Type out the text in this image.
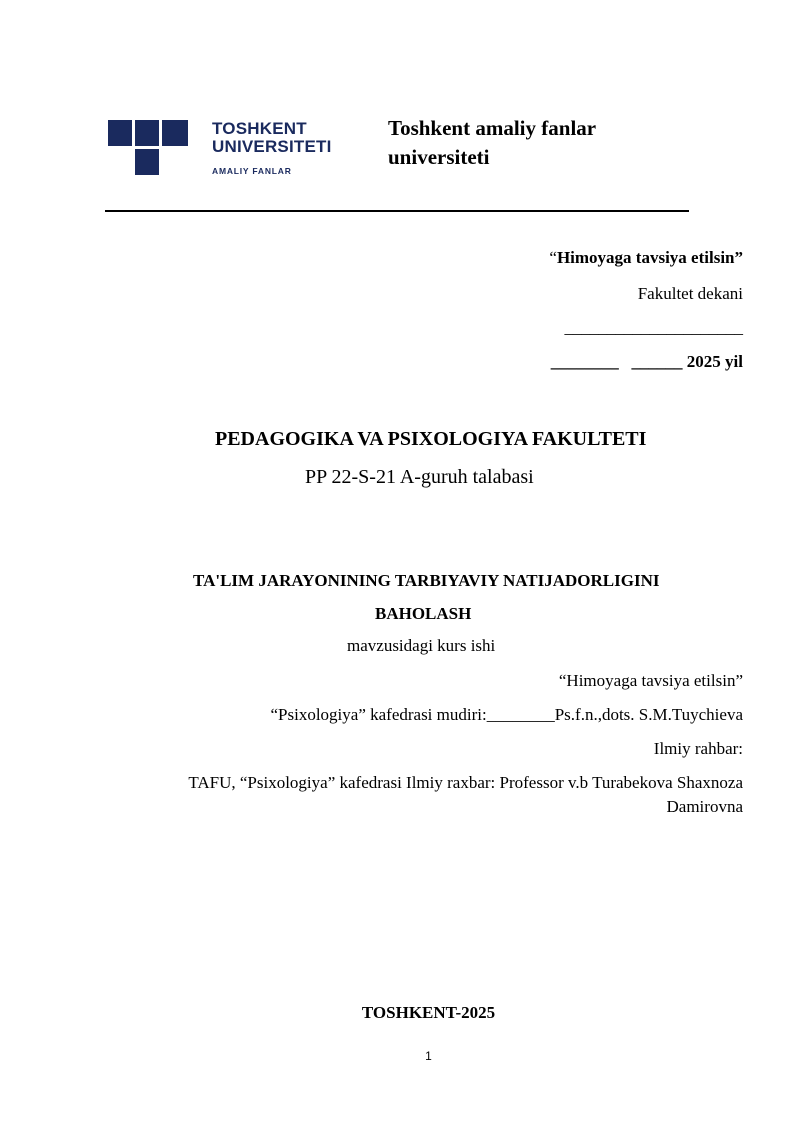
TOSHKENT
UNIVERSITETI
AMALIY FANLAR
Toshkent amaliy fanlar
universiteti
“Himoyaga tavsiya etilsin”
Fakultet dekani
_____________________
________ ______ 2025 yil
PEDAGOGIKA VA PSIXOLOGIYA FAKULTETI
PP 22-S-21 A-guruh talabasi
TA'LIM JARAYONINING TARBIYAVIY NATIJADORLIGINI
BAHOLASH
mavzusidagi kurs ishi
“Himoyaga tavsiya etilsin”
“Psixologiya” kafedrasi mudiri:________Ps.f.n.,dots. S.M.Tuychieva
Ilmiy rahbar:
TAFU, “Psixologiya” kafedrasi Ilmiy raxbar: Professor v.b Turabekova Shaxnoza
Damirovna
TOSHKENT-2025
1
